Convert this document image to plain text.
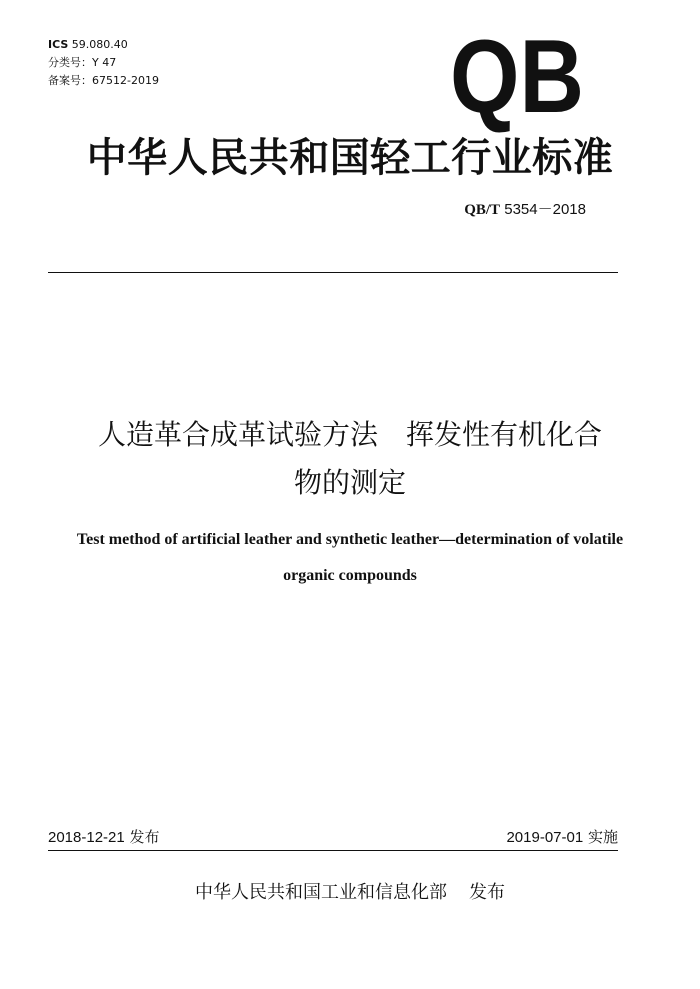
ICS 59.080.40
分类号：Y 47
备案号：67512-2019	QB
中华人民共和国轻工行业标准
QB/T 5354－2018
人造革合成革试验方法　挥发性有机化合
物的测定
Test method of artificial leather and synthetic leather—determination of volatile
organic compounds
2018-12-21 发布	2019-07-01 实施
中华人民共和国工业和信息化部 发布
